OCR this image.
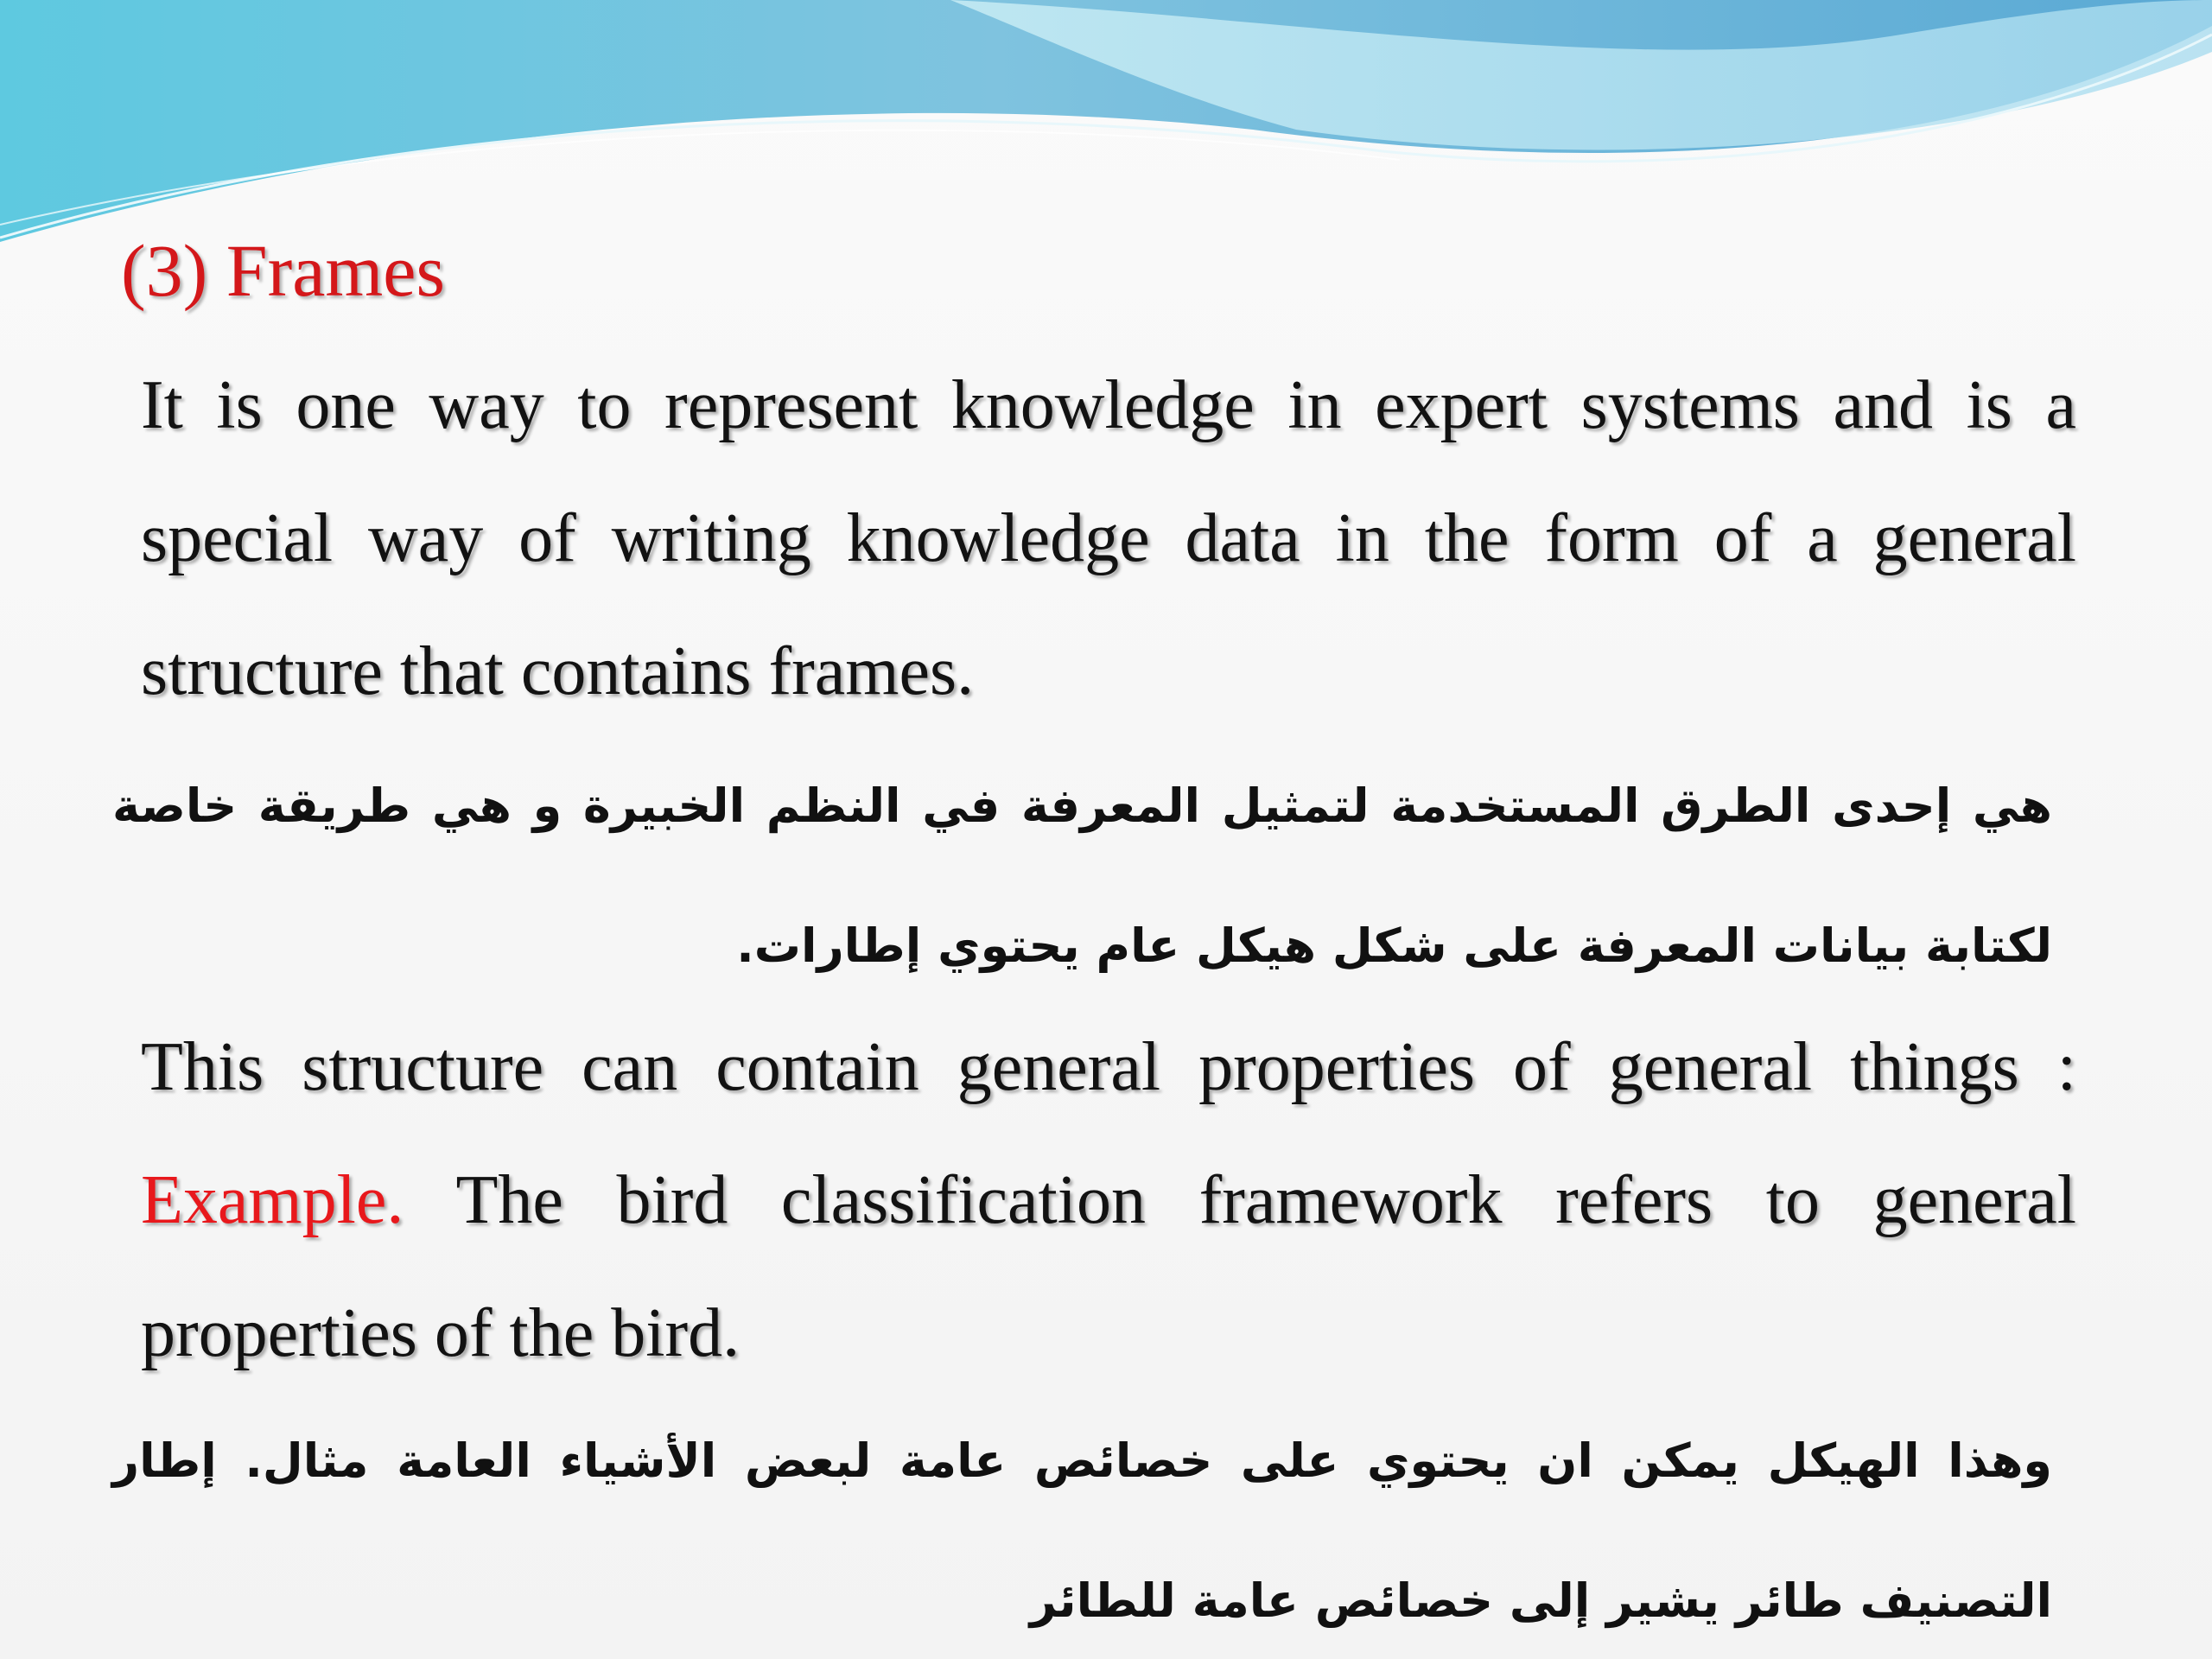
(3) Frames
It is one way to represent knowledge in expert systems and is a special way of writing knowledge data in the form of a general structure that contains frames.
هي إحدى الطرق المستخدمة لتمثيل المعرفة في النظم الخبيرة و هي طريقة خاصة لكتابة بيانات المعرفة على شكل هيكل عام يحتوي إطارات.
This structure can contain general properties of general things : Example. The bird classification framework refers to general properties of the bird.
وهذا الهيكل يمكن ان يحتوي على خصائص عامة لبعض الأشياء العامة مثال. إطار التصنيف طائر يشير إلى خصائص عامة للطائر
